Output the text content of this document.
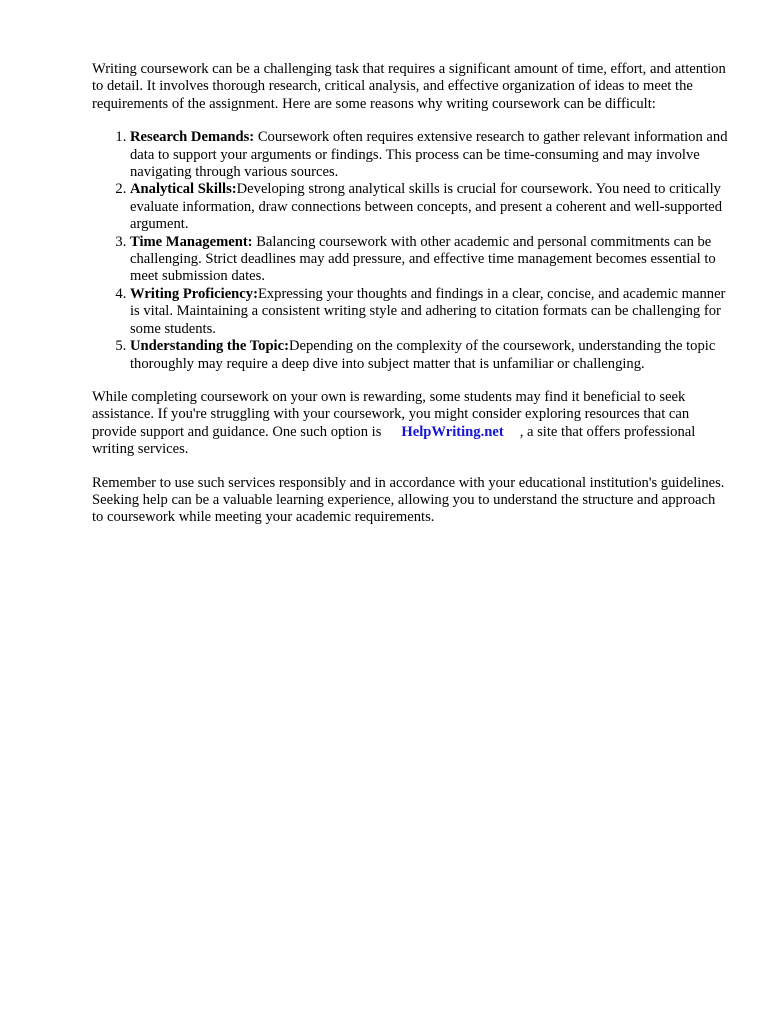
Writing coursework can be a challenging task that requires a significant amount of time, effort, and attention to detail. It involves thorough research, critical analysis, and effective organization of ideas to meet the requirements of the assignment. Here are some reasons why writing coursework can be difficult:

1. Research Demands: Coursework often requires extensive research to gather relevant information and data to support your arguments or findings. This process can be time-consuming and may involve navigating through various sources.
2. Analytical Skills:Developing strong analytical skills is crucial for coursework. You need to critically evaluate information, draw connections between concepts, and present a coherent and well-supported argument.
3. Time Management: Balancing coursework with other academic and personal commitments can be challenging. Strict deadlines may add pressure, and effective time management becomes essential to meet submission dates.
4. Writing Proficiency:Expressing your thoughts and findings in a clear, concise, and academic manner is vital. Maintaining a consistent writing style and adhering to citation formats can be challenging for some students.
5. Understanding the Topic:Depending on the complexity of the coursework, understanding the topic thoroughly may require a deep dive into subject matter that is unfamiliar or challenging.

While completing coursework on your own is rewarding, some students may find it beneficial to seek assistance. If you're struggling with your coursework, you might consider exploring resources that can provide support and guidance. One such option is HelpWriting.net , a site that offers professional writing services.

Remember to use such services responsibly and in accordance with your educational institution's guidelines. Seeking help can be a valuable learning experience, allowing you to understand the structure and approach to coursework while meeting your academic requirements.
